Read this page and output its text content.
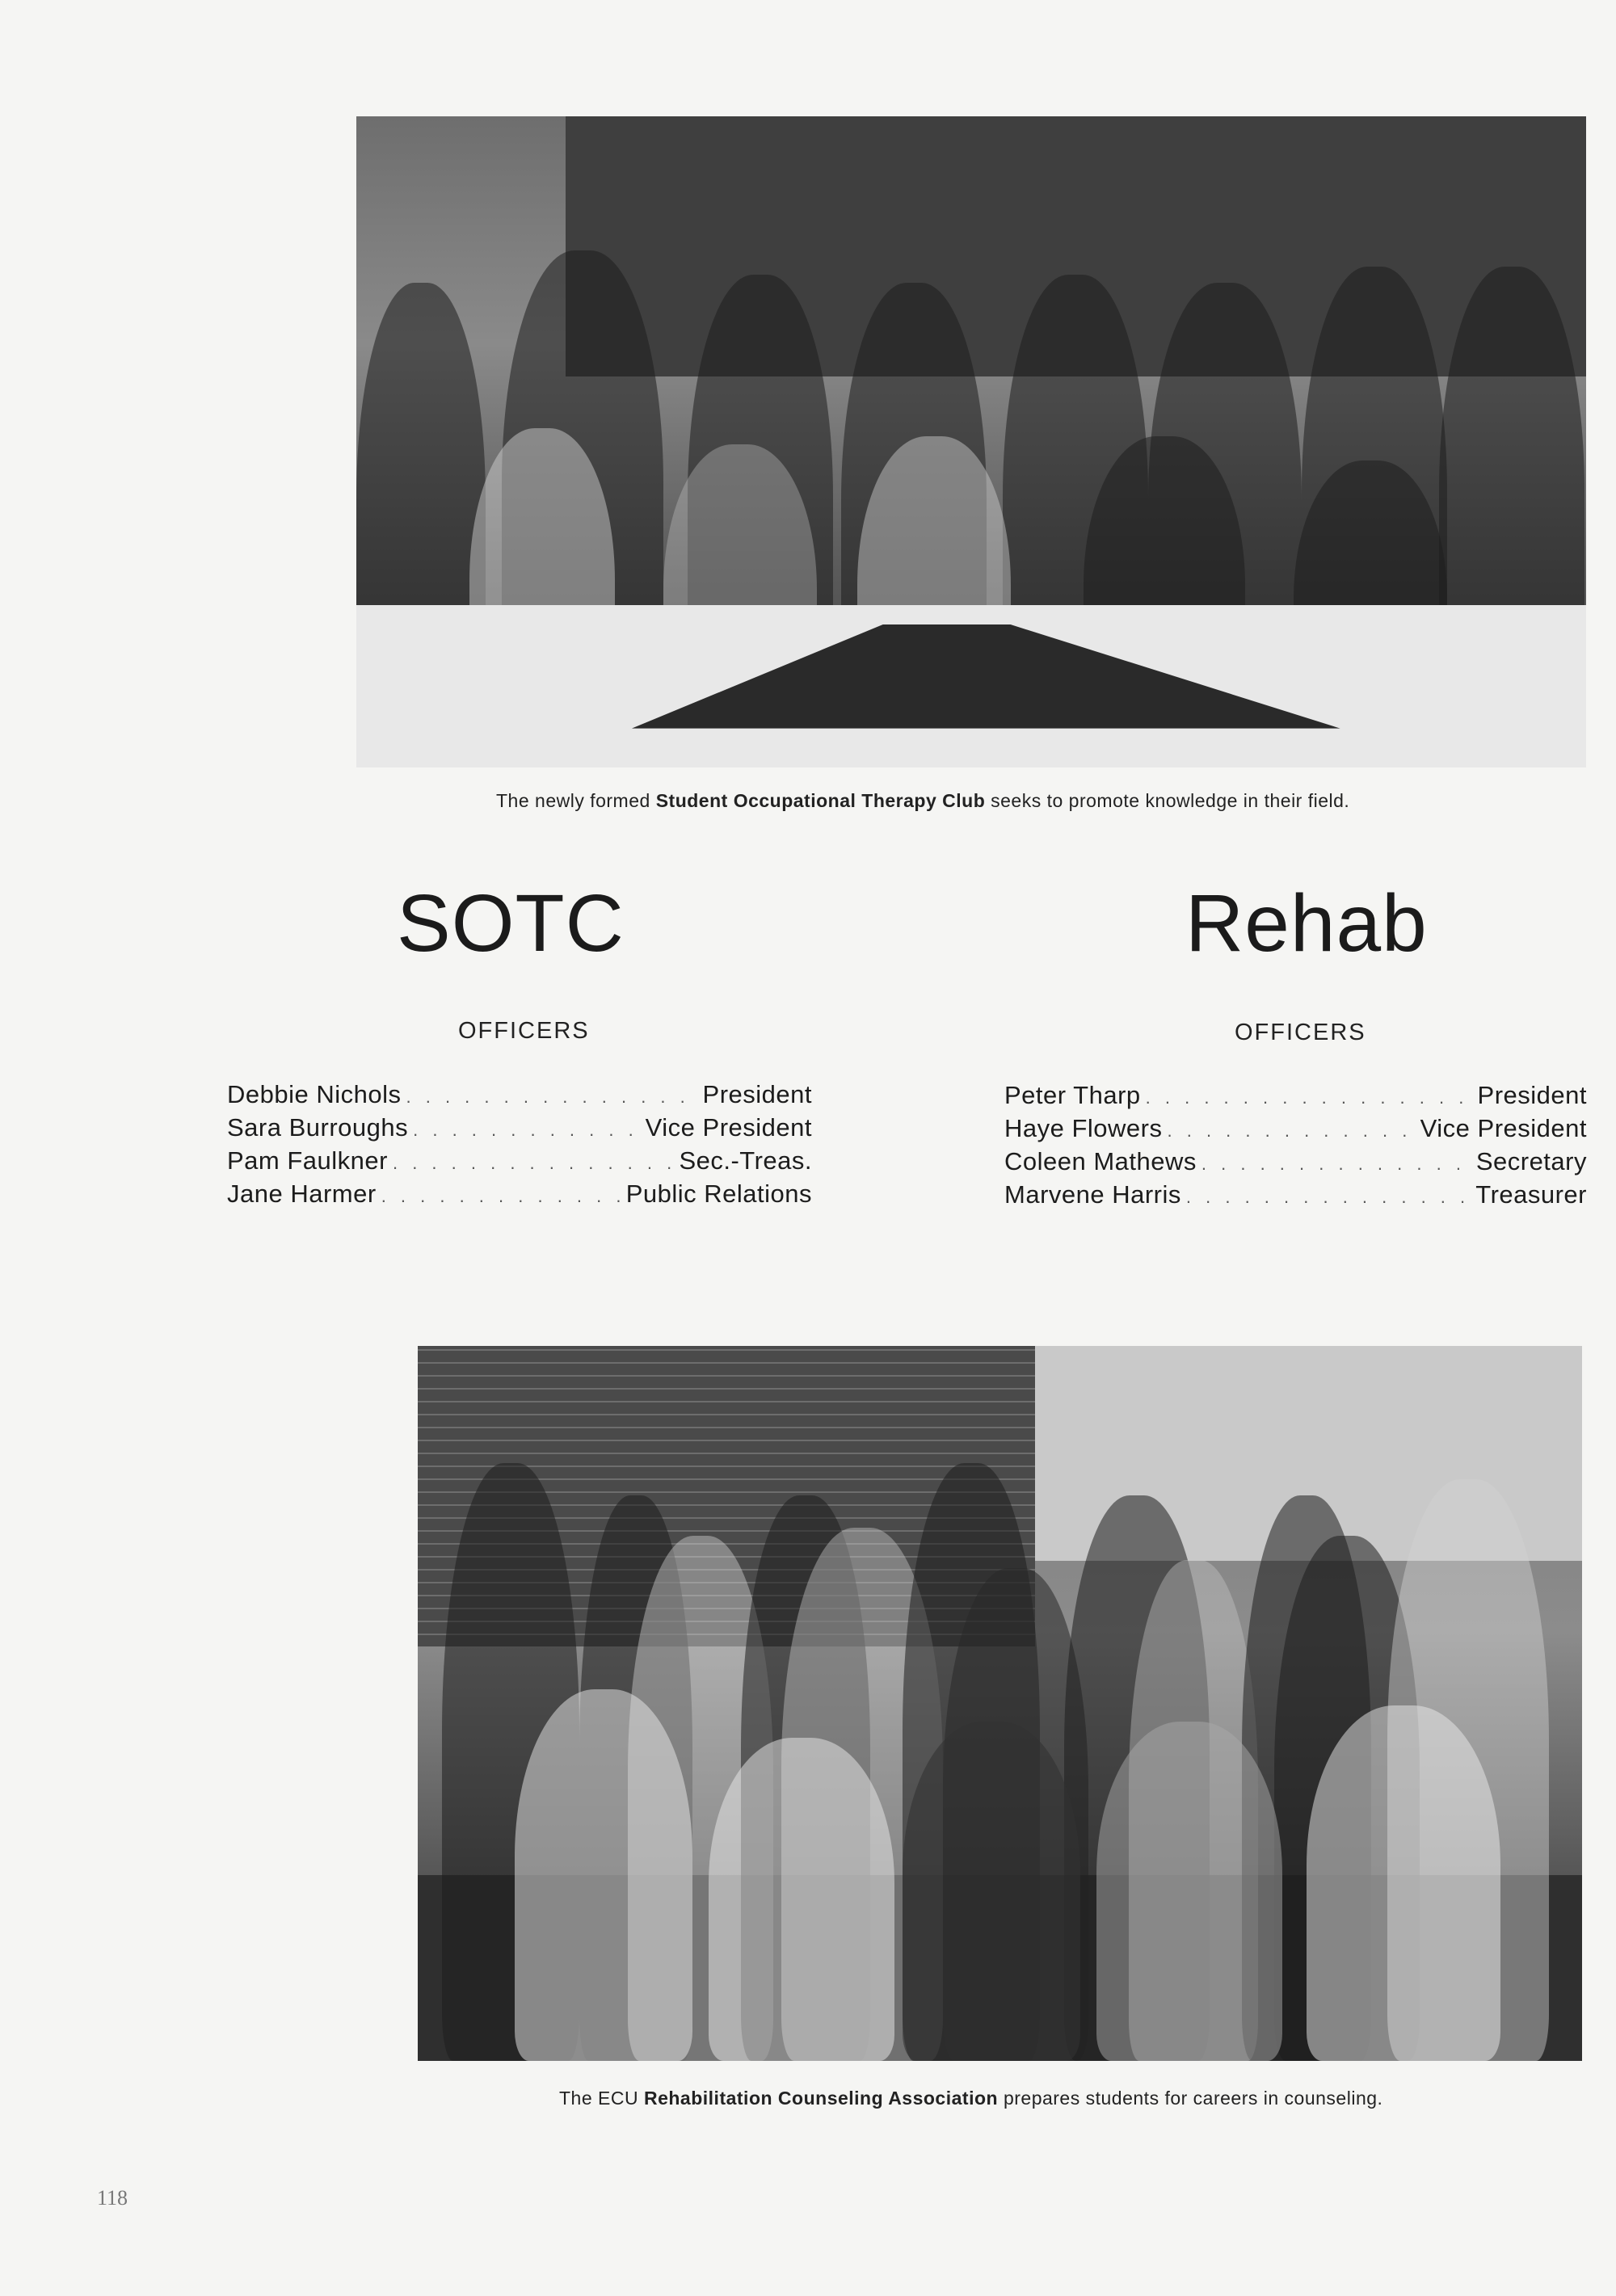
The newly formed Student Occupational Therapy Club seeks to promote knowledge in their field.
SOTC
OFFICERS
Debbie Nichols . . .	President
Sara Burroughs . . .	Vice President
Pam Faulkner . . .	Sec.-Treas.
Jane Harmer . . .	Public Relations
Rehab
OFFICERS
Peter Tharp . . .	President
Haye Flowers . . .	Vice President
Coleen Mathews . . .	Secretary
Marvene Harris . . .	Treasurer
The ECU Rehabilitation Counseling Association prepares students for careers in counseling.
118
